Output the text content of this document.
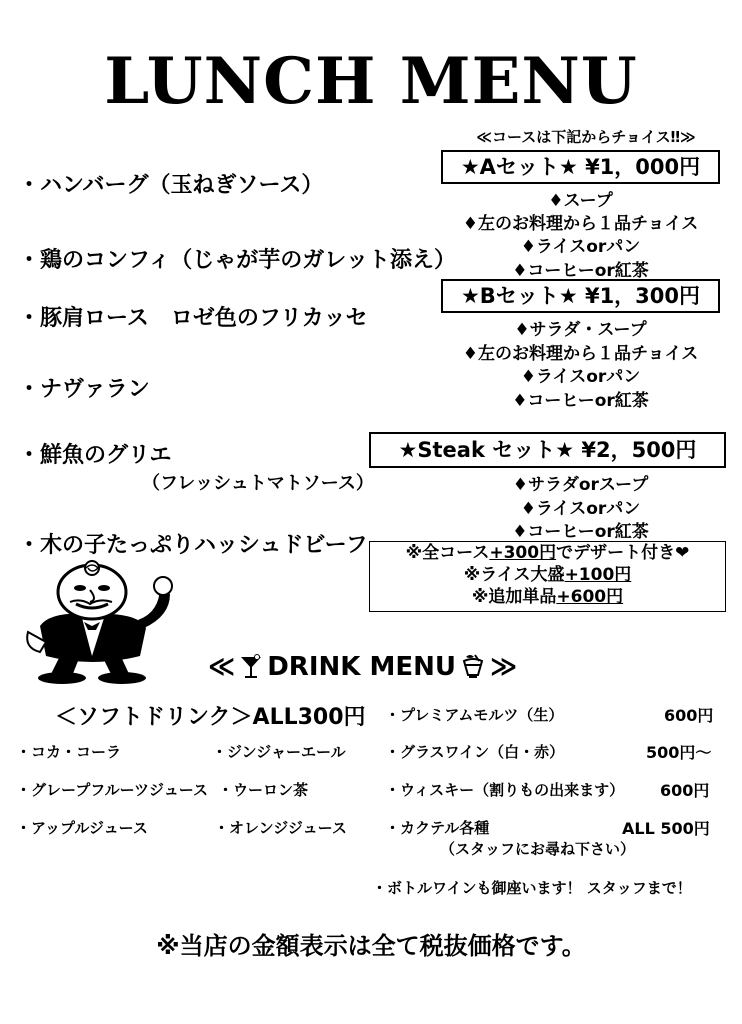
LUNCH MENU
・ハンバーグ（玉ねぎソース）
・鶏のコンフィ（じゃが芋のガレット添え）
・豚肩ロース　ロゼ色のフリカッセ
・ナヴァラン
・鮮魚のグリエ
（フレッシュトマトソース）
・木の子たっぷりハッシュドビーフ
≪コースは下記からチョイス‼≫
★Aセット★ ¥1，000円
♦スープ
♦左のお料理から１品チョイス
♦ライスorパン
♦コーヒーor紅茶
★Bセット★ ¥1，300円
♦サラダ・スープ
♦左のお料理から１品チョイス
♦ライスorパン
♦コーヒーor紅茶
★Steak セット★ ¥2，500円
♦サラダorスープ
♦ライスorパン
♦コーヒーor紅茶
※全コース+300円でデザート付き❤
※ライス大盛+100円
※追加単品+600円
≪ DRINK MENU ≫
＜ソフトドリンク＞ALL300円
・コカ・コーラ	・ジンジャーエール
・グレープフルーツジュース ・ウーロン茶
・アップルジュース	・オレンジジュース
・プレミアムモルツ（生）	600円
・グラスワイン（白・赤）	500円～
・ウィスキー（割りもの出来ます） 600円
・カクテル各種	ALL 500円
（スタッフにお尋ね下さい）
・ボトルワインも御座います！ スタッフまで！
※当店の金額表示は全て税抜価格です。
